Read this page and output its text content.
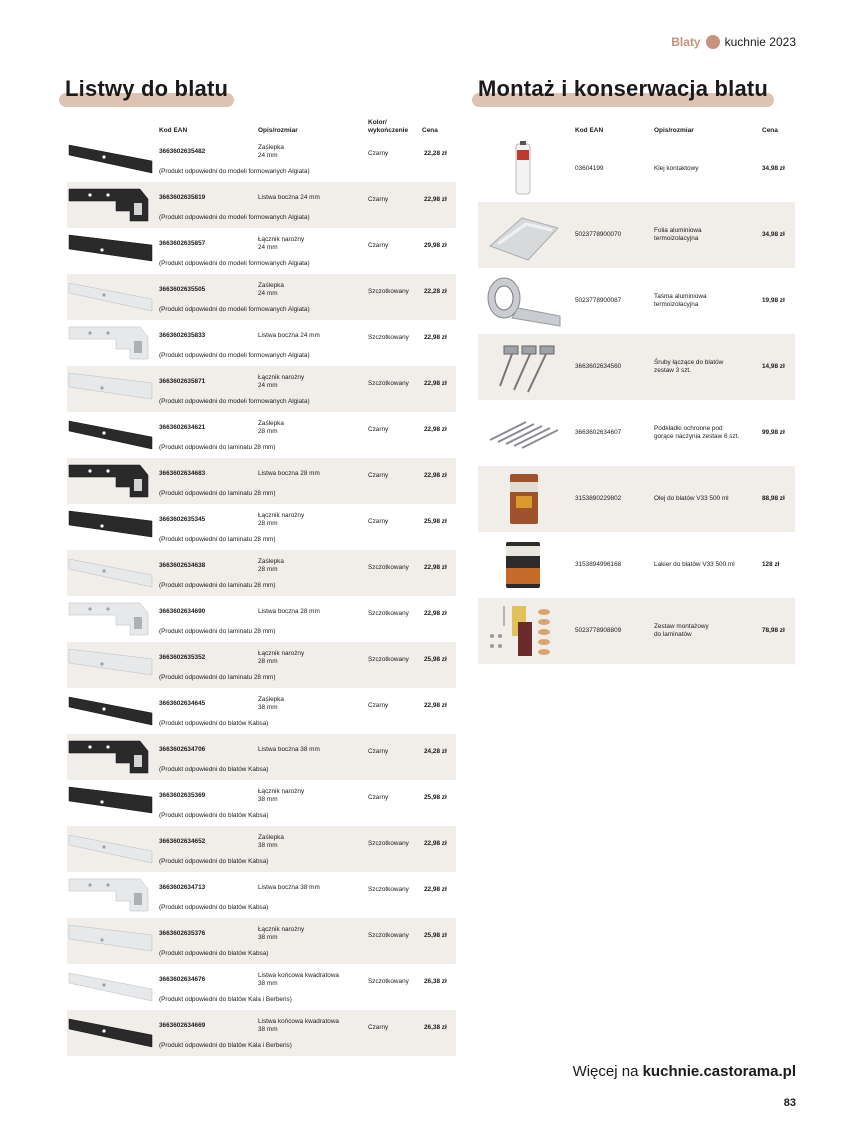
Blaty kuchnie 2023
Listwy do blatu	Montaż i konserwacja blatu
Kod EAN	Opis/rozmiar
Kolor/
wykończenie Cena
3663602635482
Zaślepka
24 mm	Czarny	22,28 zł
(Produkt odpowiedni do modeli formowanych Algiata)
3663602635819	Listwa boczna 24 mm	Czarny	22,98 zł
(Produkt odpowiedni do modeli formowanych Algiata)
3663602635857
Łącznik narożny
24 mm	Czarny	29,98 zł
(Produkt odpowiedni do modeli formowanych Algiata)
3663602635505
Zaślepka
24 mm	Szczotkowany 22,28 zł
(Produkt odpowiedni do modeli formowanych Algiata)
3663602635833	Listwa boczna 24 mm	Szczotkowany 22,98 zł
(Produkt odpowiedni do modeli formowanych Algiata)
3663602635871
Łącznik narożny
24 mm	Szczotkowany 22,98 zł
(Produkt odpowiedni do modeli formowanych Algiata)
3663602634621
Zaślepka
28 mm	Czarny	22,98 zł
(Produkt odpowiedni do laminatu 28 mm)
3663602634683	Listwa boczna 28 mm	Czarny	22,98 zł
(Produkt odpowiedni do laminatu 28 mm)
3663602635345
Łącznik narożny
28 mm	Czarny	25,98 zł
(Produkt odpowiedni do laminatu 28 mm)
3663602634638
Zaślepka
28 mm	Szczotkowany 22,98 zł
(Produkt odpowiedni do laminatu 28 mm)
3663602634690	Listwa boczna 28 mm	Szczotkowany 22,98 zł
(Produkt odpowiedni do laminatu 28 mm)
3663602635352
Łącznik narożny
28 mm	Szczotkowany 25,98 zł
(Produkt odpowiedni do laminatu 28 mm)
3663602634645
Zaślepka
38 mm	Czarny	22,98 zł
(Produkt odpowiedni do blatów Kabsa)
3663602634706	Listwa boczna 38 mm	Czarny	24,28 zł
(Produkt odpowiedni do blatów Kabsa)
3663602635369
Łącznik narożny
38 mm	Czarny	25,98 zł
(Produkt odpowiedni do blatów Kabsa)
3663602634652
Zaślepka
38 mm	Szczotkowany 22,98 zł
(Produkt odpowiedni do blatów Kabsa)
3663602634713	Listwa boczna 38 mm	Szczotkowany 22,98 zł
(Produkt odpowiedni do blatów Kabsa)
3663602635376
Łącznik narożny
38 mm	Szczotkowany 25,98 zł
(Produkt odpowiedni do blatów Kabsa)
3663602634676
Listwa końcowa kwadratowa
38 mm	Szczotkowany 26,38 zł
(Produkt odpowiedni do blatów Kala i Berberis)
3663602634669
Listwa końcowa kwadratowa
38 mm	Czarny	26,38 zł
(Produkt odpowiedni do blatów Kala i Berberis)
Kod EAN	Opis/rozmiar	Cena
03604199	Klej kontaktowy	34,98 zł
5023778900070
Folia aluminiowa
termoizolacyjna
34,98 zł
5023778900087
Taśma aluminiowa
termoizolacyjna
19,98 zł
3663602634560
Śruby łączące do blatów
zestaw 3 szt.
14,98 zł
3663602634607
Podkładki ochronne pod
gorące naczynia zestaw 6 szt.
99,98 zł
3153890229802	Olej do blatów V33 500 ml	88,98 zł
3153894996168	Lakier do blatów V33 500 ml	128 zł
5023778908809
Zestaw montażowy
do laminatów
78,98 zł
Więcej na kuchnie.castorama.pl
83
